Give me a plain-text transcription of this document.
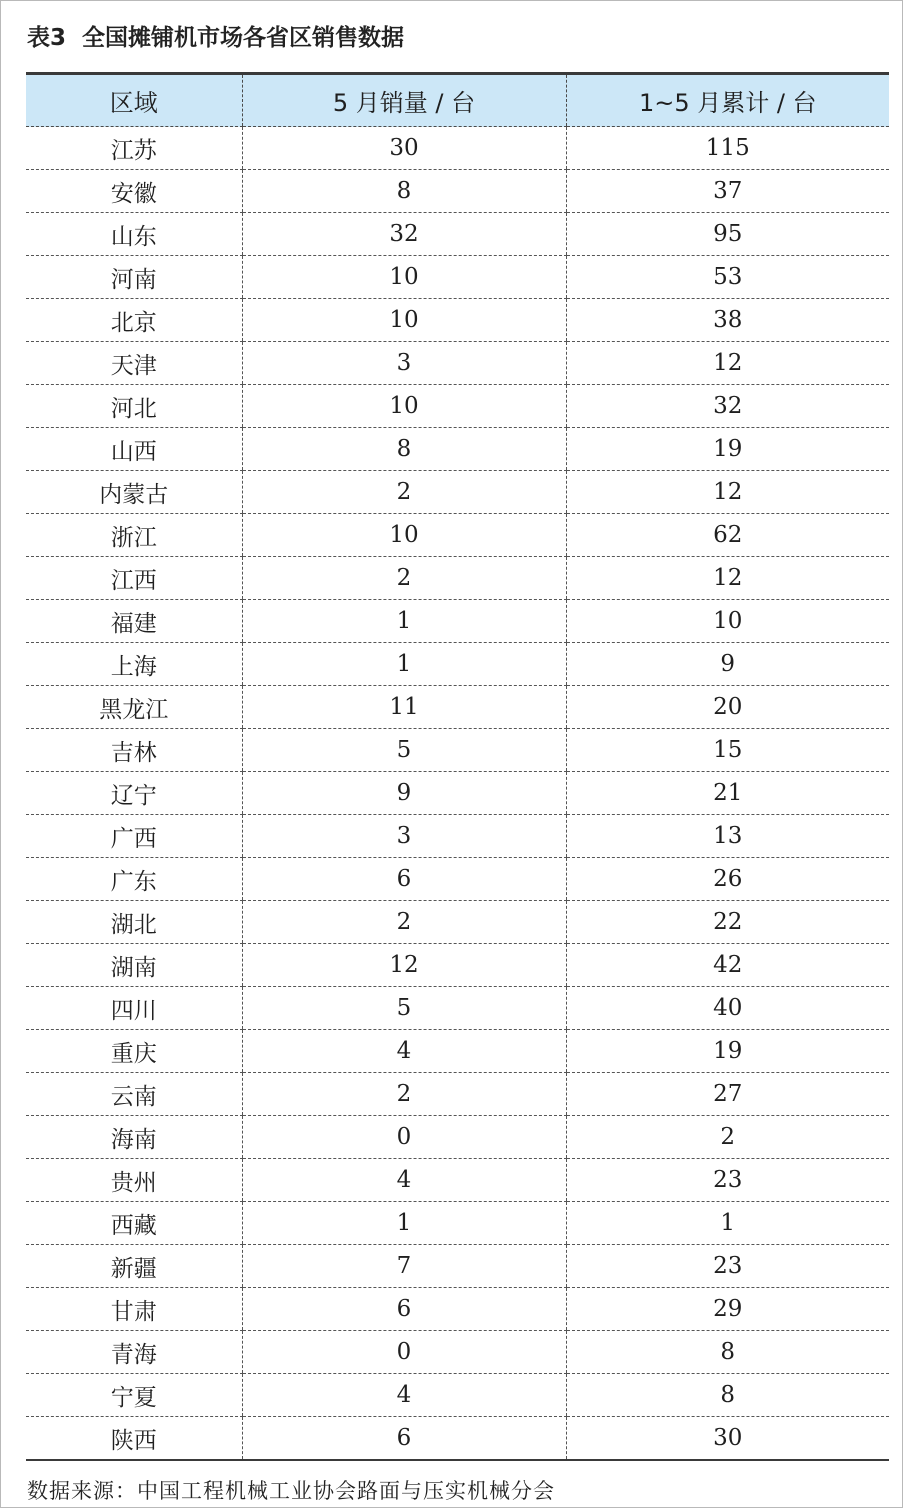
表3 全国摊铺机市场各省区销售数据
区域	5 月销量 / 台	1~5 月累计 / 台
江苏	30	115
安徽	8	37
山东	32	95
河南	10	53
北京	10	38
天津	3	12
河北	10	32
山西	8	19
内蒙古	2	12
浙江	10	62
江西	2	12
福建	1	10
上海	1	9
黑龙江	11	20
吉林	5	15
辽宁	9	21
广西	3	13
广东	6	26
湖北	2	22
湖南	12	42
四川	5	40
重庆	4	19
云南	2	27
海南	0	2
贵州	4	23
西藏	1	1
新疆	7	23
甘肃	6	29
青海	0	8
宁夏	4	8
陕西	6	30
数据来源：中国工程机械工业协会路面与压实机械分会
